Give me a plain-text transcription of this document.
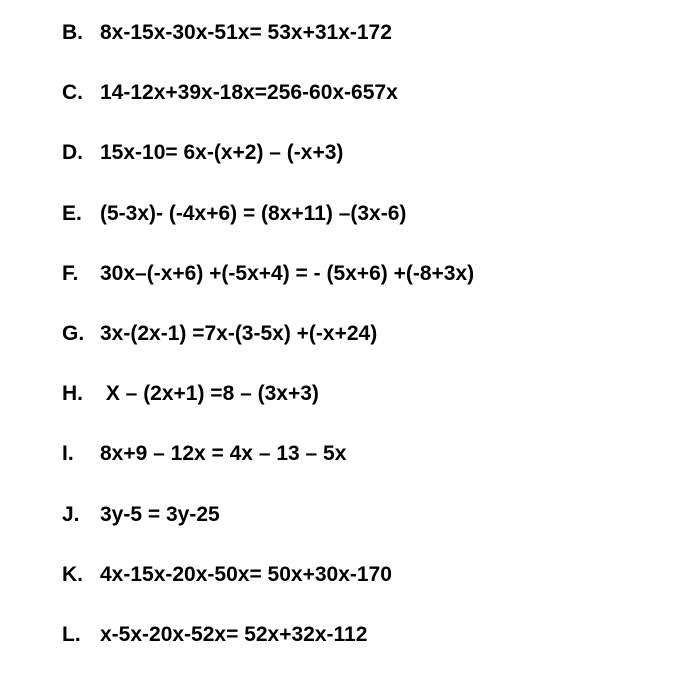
B. 8x-15x-30x-51x= 53x+31x-172
C. 14-12x+39x-18x=256-60x-657x
D. 15x-10= 6x-(x+2) – (-x+3)
E. (5-3x)- (-4x+6) = (8x+11) –(3x-6)
F.	30x–(-x+6) +(-5x+4) = - (5x+6) +(-8+3x)
G. 3x-(2x-1) =7x-(3-5x) +(-x+24)
H. X – (2x+1) =8 – (3x+3)
I.	8x+9 – 12x = 4x – 13 – 5x
J. 3y-5 = 3y-25
K. 4x-15x-20x-50x= 50x+30x-170
L. x-5x-20x-52x= 52x+32x-112
